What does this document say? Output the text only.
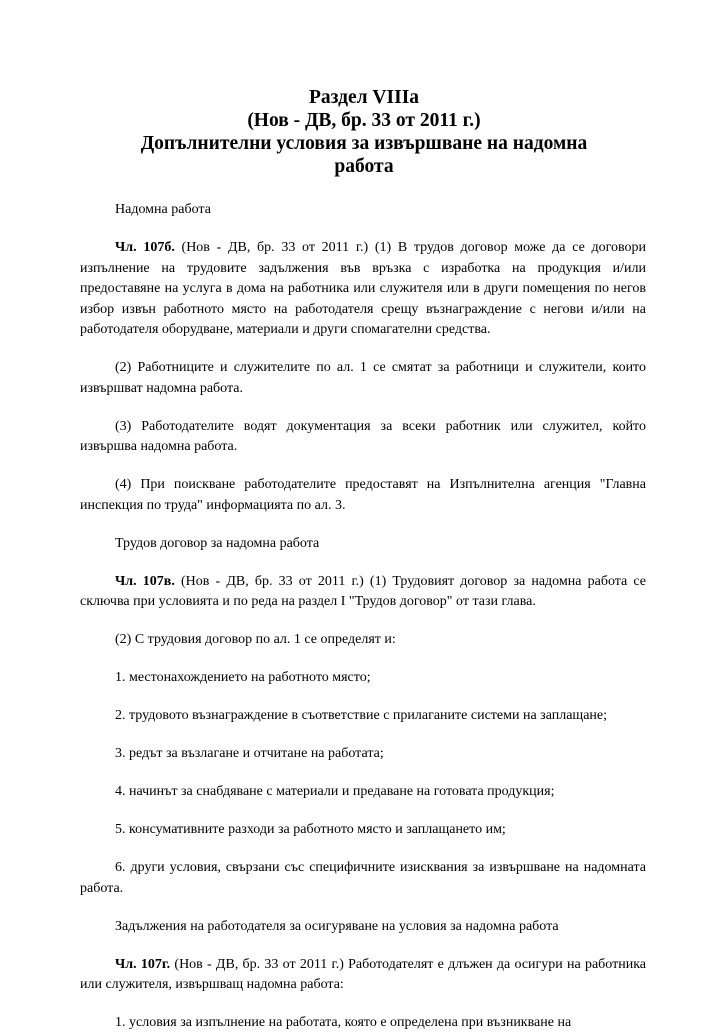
Раздел VIIIа
(Нов - ДВ, бр. 33 от 2011 г.)
Допълнителни условия за извършване на надомна
работа

Надомна работа

Чл. 107б. (Нов - ДВ, бр. 33 от 2011 г.) (1) В трудов договор може да се договори изпълнение на трудовите задължения във връзка с изработка на продукция и/или предоставяне на услуга в дома на работника или служителя или в други помещения по негов избор извън работното място на работодателя срещу възнаграждение с негови и/или на работодателя оборудване, материали и други спомагателни средства.

(2) Работниците и служителите по ал. 1 се смятат за работници и служители, които извършват надомна работа.

(3) Работодателите водят документация за всеки работник или служител, който извършва надомна работа.

(4) При поискване работодателите предоставят на Изпълнителна агенция "Главна инспекция по труда" информацията по ал. 3.

Трудов договор за надомна работа

Чл. 107в. (Нов - ДВ, бр. 33 от 2011 г.) (1) Трудовият договор за надомна работа се сключва при условията и по реда на раздел I "Трудов договор" от тази глава.

(2) С трудовия договор по ал. 1 се определят и:

1. местонахождението на работното място;

2. трудовото възнаграждение в съответствие с прилаганите системи на заплащане;

3. редът за възлагане и отчитане на работата;

4. начинът за снабдяване с материали и предаване на готовата продукция;

5. консумативните разходи за работното място и заплащането им;

6. други условия, свързани със специфичните изисквания за извършване на надомната работа.

Задължения на работодателя за осигуряване на условия за надомна работа

Чл. 107г. (Нов - ДВ, бр. 33 от 2011 г.) Работодателят е длъжен да осигури на работника или служителя, извършващ надомна работа:

1. условия за изпълнение на работата, която е определена при възникване на
